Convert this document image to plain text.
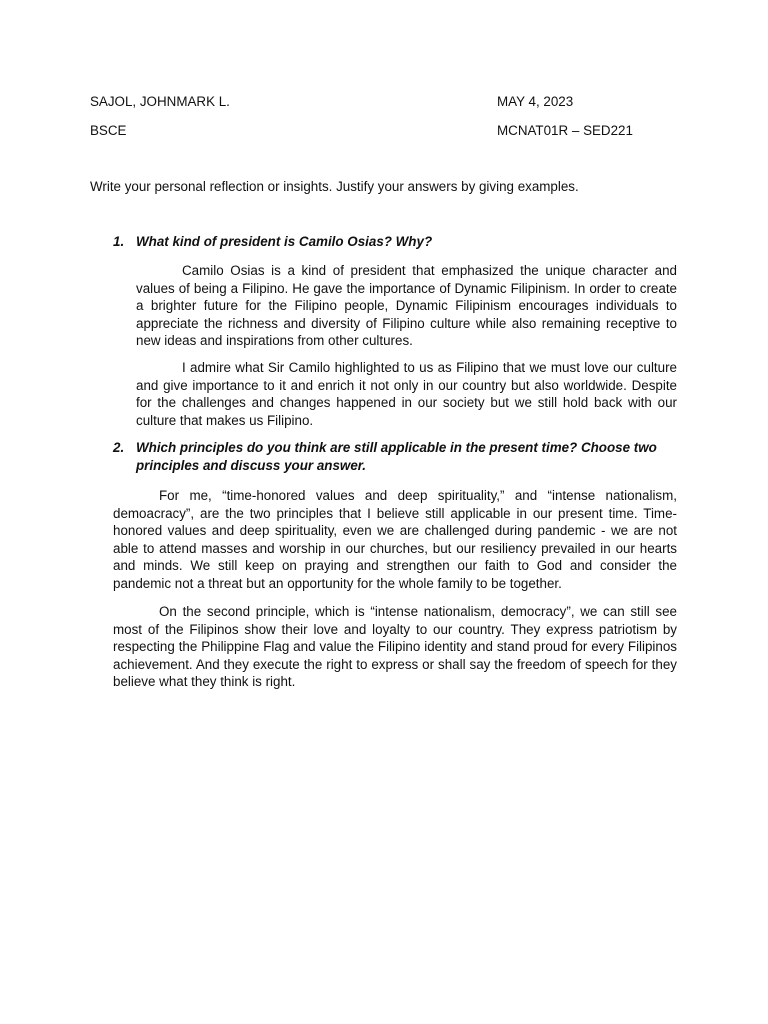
SAJOL, JOHNMARK L.	MAY 4, 2023
BSCE	MCNAT01R – SED221
Write your personal reflection or insights. Justify your answers by giving examples.
1. What kind of president is Camilo Osias? Why?
Camilo Osias is a kind of president that emphasized the unique character and values of being a Filipino. He gave the importance of Dynamic Filipinism. In order to create a brighter future for the Filipino people, Dynamic Filipinism encourages individuals to appreciate the richness and diversity of Filipino culture while also remaining receptive to new ideas and inspirations from other cultures.
I admire what Sir Camilo highlighted to us as Filipino that we must love our culture and give importance to it and enrich it not only in our country but also worldwide. Despite for the challenges and changes happened in our society but we still hold back with our culture that makes us Filipino.
2. Which principles do you think are still applicable in the present time? Choose two principles and discuss your answer.
For me, “time-honored values and deep spirituality,” and “intense nationalism, demoacracy”, are the two principles that I believe still applicable in our present time. Time-honored values and deep spirituality, even we are challenged during pandemic - we are not able to attend masses and worship in our churches, but our resiliency prevailed in our hearts and minds. We still keep on praying and strengthen our faith to God and consider the pandemic not a threat but an opportunity for the whole family to be together.
On the second principle, which is “intense nationalism, democracy”, we can still see most of the Filipinos show their love and loyalty to our country. They express patriotism by respecting the Philippine Flag and value the Filipino identity and stand proud for every Filipinos achievement. And they execute the right to express or shall say the freedom of speech for they believe what they think is right.
